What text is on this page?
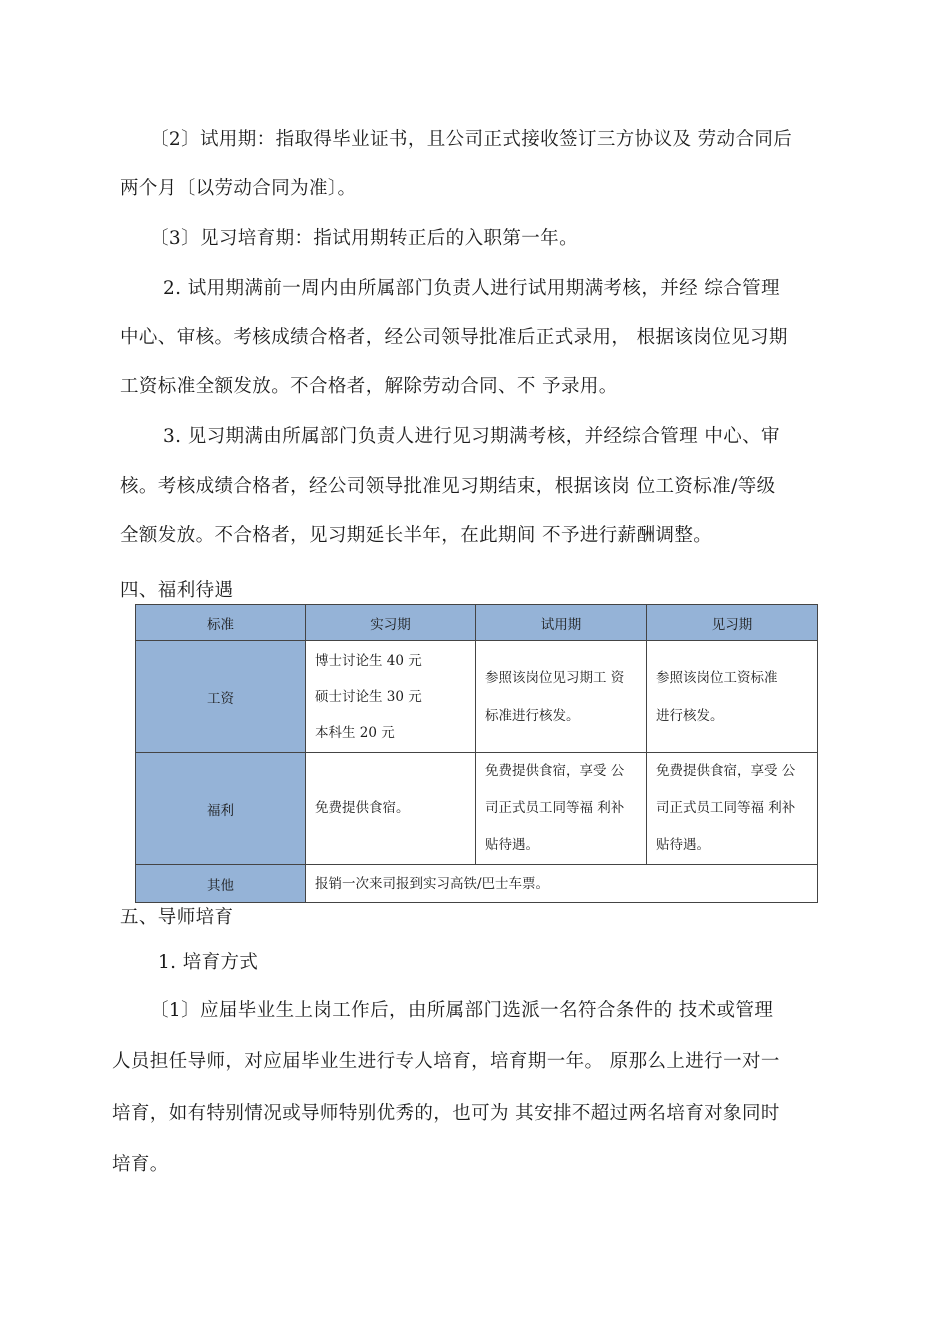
〔2〕试用期：指取得毕业证书，且公司正式接收签订三方协议及 劳动合同后
两个月〔以劳动合同为准〕。
〔3〕见习培育期：指试用期转正后的入职第一年。
2. 试用期满前一周内由所属部门负责人进行试用期满考核，并经 综合管理
中心、审核。考核成绩合格者，经公司领导批准后正式录用， 根据该岗位见习期
工资标准全额发放。不合格者，解除劳动合同、不 予录用。
3. 见习期满由所属部门负责人进行见习期满考核，并经综合管理 中心、审
核。考核成绩合格者，经公司领导批准见习期结束，根据该岗 位工资标准/等级
全额发放。不合格者，见习期延长半年，在此期间 不予进行薪酬调整。
四、福利待遇
标准	实习期	试用期	见习期
工资	博士讨论生 40 元
硕士讨论生 30 元
本科生 20 元	参照该岗位见习期工 资
标准进行核发。	参照该岗位工资标准
进行核发。

福利	免费提供食宿。	免费提供食宿，享受 公
司正式员工同等福 利补
贴待遇。	免费提供食宿，享受 公
司正式员工同等福 利补
贴待遇。

其他	报销一次来司报到实习高铁/巴士车票。		
五、导师培育
1. 培育方式
〔1〕应届毕业生上岗工作后，由所属部门选派一名符合条件的 技术或管理
人员担任导师，对应届毕业生进行专人培育，培育期一年。 原那么上进行一对一
培育，如有特别情况或导师特别优秀的，也可为 其安排不超过两名培育对象同时
培育。
